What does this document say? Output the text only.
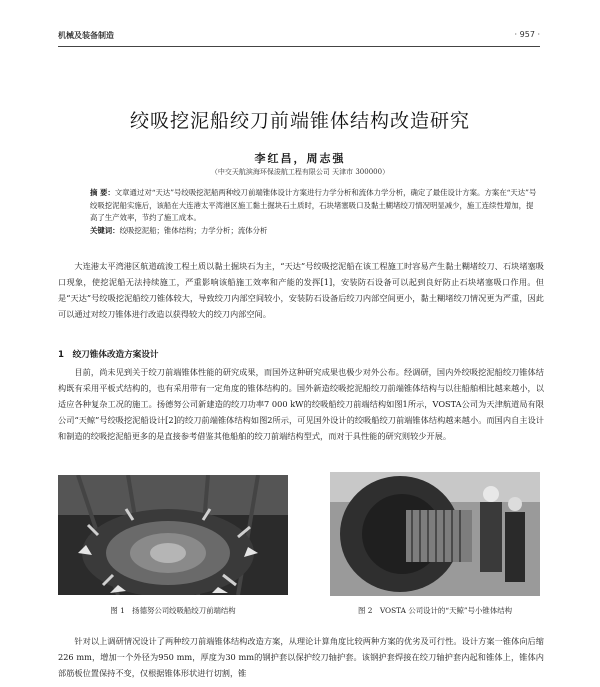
机械及装备制造	· 957 ·
绞吸挖泥船绞刀前端锥体结构改造研究
李红昌，周志强
（中交天航滨海环保浚航工程有限公司 天津市 300000）

摘 要：文章通过对“天达”号绞吸挖泥船两种绞刀前端锥体设计方案进行力学分析和流体力学分析，确定了最佳设计方案。方案在“天达”号绞吸挖泥船实施后，该船在大连港太平湾港区施工黏土掘块石土质时，石块堵塞吸口及黏土糊堵绞刀情况明显减少，施工连续性增加，提高了生产效率，节约了施工成本。

关键词：绞吸挖泥船；锥体结构；力学分析；流体分析

大连港太平湾港区航道疏浚工程土质以黏土掘块石为主，“天达”号绞吸挖泥船在该工程施工时容易产生黏土糊堵绞刀、石块堵塞吸口现象，使挖泥船无法持续施工，严重影响该船施工效率和产能的发挥[1]，安装防石设备可以起到良好防止石块堵塞吸口作用。但是“天达”号绞吸挖泥船绞刀锥体较大，导致绞刀内部空间较小，安装防石设备后绞刀内部空间更小，黏土糊堵绞刀情况更为严重，因此可以通过对绞刀锥体进行改造以获得较大的绞刀内部空间。

1　绞刀锥体改造方案设计

目前，尚未见到关于绞刀前端锥体性能的研究成果，而国外这种研究成果也极少对外公布。经调研，国内外绞吸挖泥船绞刀锥体结构既有采用平板式结构的，也有采用带有一定角度的锥体结构的。国外新造绞吸挖泥船绞刀前端锥体结构与以往船舶相比越来越小，以适应各种复杂工况的施工。扬德努公司新建造的绞刀功率7 000 kW的绞吸船绞刀前端结构如图1所示，VOSTA公司为天津航道局有限公司“天鲸”号绞吸挖泥船设计[2]的绞刀前端锥体结构如图2所示，可见国外设计的绞吸船绞刀前端锥体结构越来越小。而国内自主设计和制造的绞吸挖泥船更多的是直接参考借鉴其他船舶的绞刀前端结构型式，而对于具性能的研究则较少开展。

图 1　扬德努公司绞吸船绞刀前端结构	图 2　VOSTA 公司设计的“天鲸”号小锥体结构

针对以上调研情况设计了两种绞刀前端锥体结构改造方案，从理论计算角度比较两种方案的优劣及可行性。设计方案一锥体向后缩226 mm，增加一个外径为950 mm，厚度为30 mm的钢护套以保护绞刀轴护套。该钢护套焊接在绞刀轴护套内起和锥体上，锥体内部筋板位置保持不变，仅根据锥体形状进行切割，锥
